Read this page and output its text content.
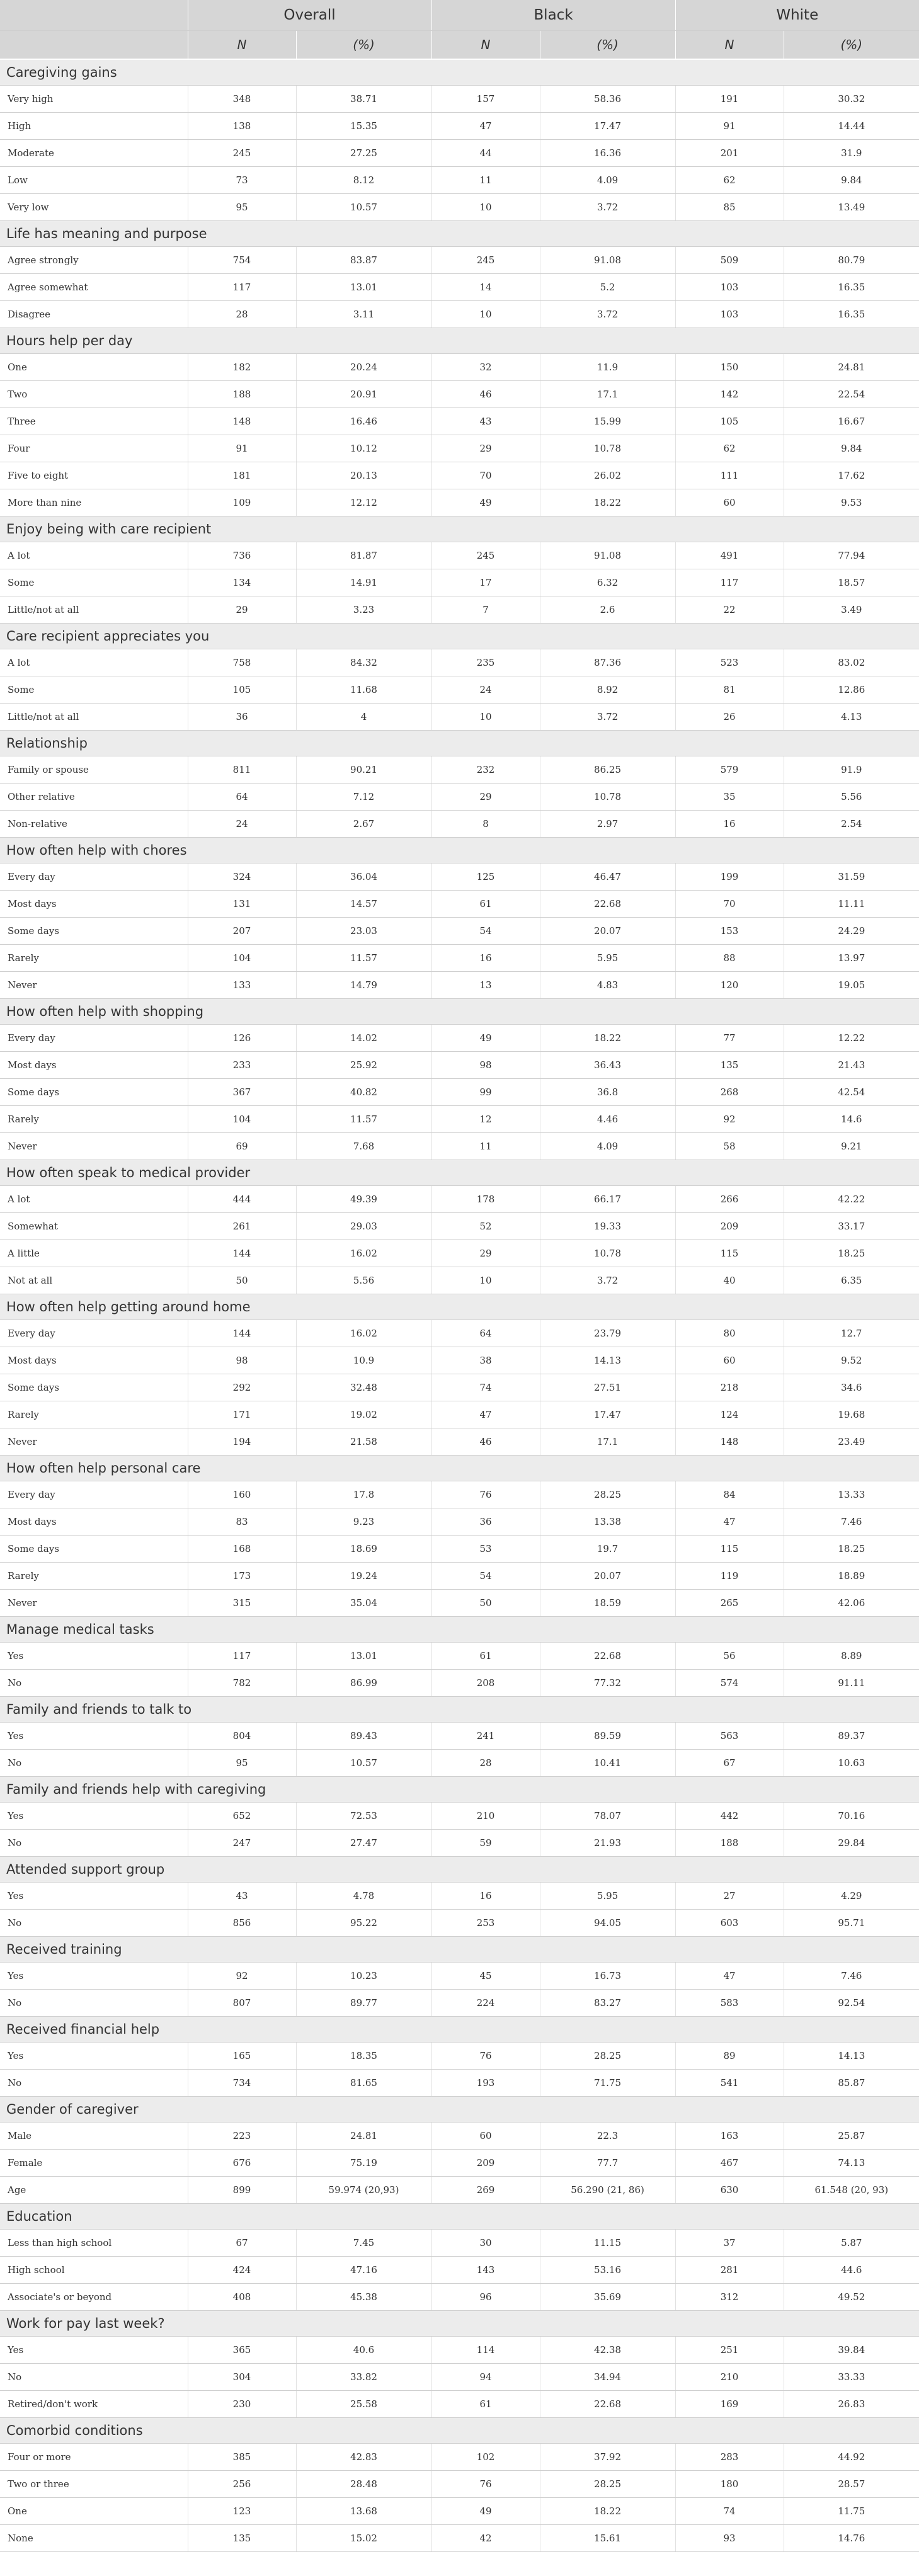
	Overall		Black		White	
	N	(%)	N	(%)	N	(%)
Caregiving gains						
Very high	348	38.71	157	58.36	191	30.32
High	138	15.35	47	17.47	91	14.44
Moderate	245	27.25	44	16.36	201	31.9
Low	73	8.12	11	4.09	62	9.84
Very low	95	10.57	10	3.72	85	13.49
Life has meaning and purpose						
Agree strongly	754	83.87	245	91.08	509	80.79
Agree somewhat	117	13.01	14	5.2	103	16.35
Disagree	28	3.11	10	3.72	103	16.35
Hours help per day						
One	182	20.24	32	11.9	150	24.81
Two	188	20.91	46	17.1	142	22.54
Three	148	16.46	43	15.99	105	16.67
Four	91	10.12	29	10.78	62	9.84
Five to eight	181	20.13	70	26.02	111	17.62
More than nine	109	12.12	49	18.22	60	9.53
Enjoy being with care recipient						
A lot	736	81.87	245	91.08	491	77.94
Some	134	14.91	17	6.32	117	18.57
Little/not at all	29	3.23	7	2.6	22	3.49
Care recipient appreciates you						
A lot	758	84.32	235	87.36	523	83.02
Some	105	11.68	24	8.92	81	12.86
Little/not at all	36	4	10	3.72	26	4.13
Relationship						
Family or spouse	811	90.21	232	86.25	579	91.9
Other relative	64	7.12	29	10.78	35	5.56
Non-relative	24	2.67	8	2.97	16	2.54
How often help with chores						
Every day	324	36.04	125	46.47	199	31.59
Most days	131	14.57	61	22.68	70	11.11
Some days	207	23.03	54	20.07	153	24.29
Rarely	104	11.57	16	5.95	88	13.97
Never	133	14.79	13	4.83	120	19.05
How often help with shopping						
Every day	126	14.02	49	18.22	77	12.22
Most days	233	25.92	98	36.43	135	21.43
Some days	367	40.82	99	36.8	268	42.54
Rarely	104	11.57	12	4.46	92	14.6
Never	69	7.68	11	4.09	58	9.21
How often speak to medical provider						
A lot	444	49.39	178	66.17	266	42.22
Somewhat	261	29.03	52	19.33	209	33.17
A little	144	16.02	29	10.78	115	18.25
Not at all	50	5.56	10	3.72	40	6.35
How often help getting around home						
Every day	144	16.02	64	23.79	80	12.7
Most days	98	10.9	38	14.13	60	9.52
Some days	292	32.48	74	27.51	218	34.6
Rarely	171	19.02	47	17.47	124	19.68
Never	194	21.58	46	17.1	148	23.49
How often help personal care						
Every day	160	17.8	76	28.25	84	13.33
Most days	83	9.23	36	13.38	47	7.46
Some days	168	18.69	53	19.7	115	18.25
Rarely	173	19.24	54	20.07	119	18.89
Never	315	35.04	50	18.59	265	42.06
Manage medical tasks						
Yes	117	13.01	61	22.68	56	8.89
No	782	86.99	208	77.32	574	91.11
Family and friends to talk to						
Yes	804	89.43	241	89.59	563	89.37
No	95	10.57	28	10.41	67	10.63
Family and friends help with caregiving						
Yes	652	72.53	210	78.07	442	70.16
No	247	27.47	59	21.93	188	29.84
Attended support group						
Yes	43	4.78	16	5.95	27	4.29
No	856	95.22	253	94.05	603	95.71
Received training						
Yes	92	10.23	45	16.73	47	7.46
No	807	89.77	224	83.27	583	92.54
Received financial help						
Yes	165	18.35	76	28.25	89	14.13
No	734	81.65	193	71.75	541	85.87
Gender of caregiver						
Male	223	24.81	60	22.3	163	25.87
Female	676	75.19	209	77.7	467	74.13
Age	899	59.974 (20,93)	269	56.290 (21, 86)	630	61.548 (20, 93)
Education						
Less than high school	67	7.45	30	11.15	37	5.87
High school	424	47.16	143	53.16	281	44.6
Associate's or beyond	408	45.38	96	35.69	312	49.52
Work for pay last week?						
Yes	365	40.6	114	42.38	251	39.84
No	304	33.82	94	34.94	210	33.33
Retired/don't work	230	25.58	61	22.68	169	26.83
Comorbid conditions						
Four or more	385	42.83	102	37.92	283	44.92
Two or three	256	28.48	76	28.25	180	28.57
One	123	13.68	49	18.22	74	11.75
None	135	15.02	42	15.61	93	14.76
